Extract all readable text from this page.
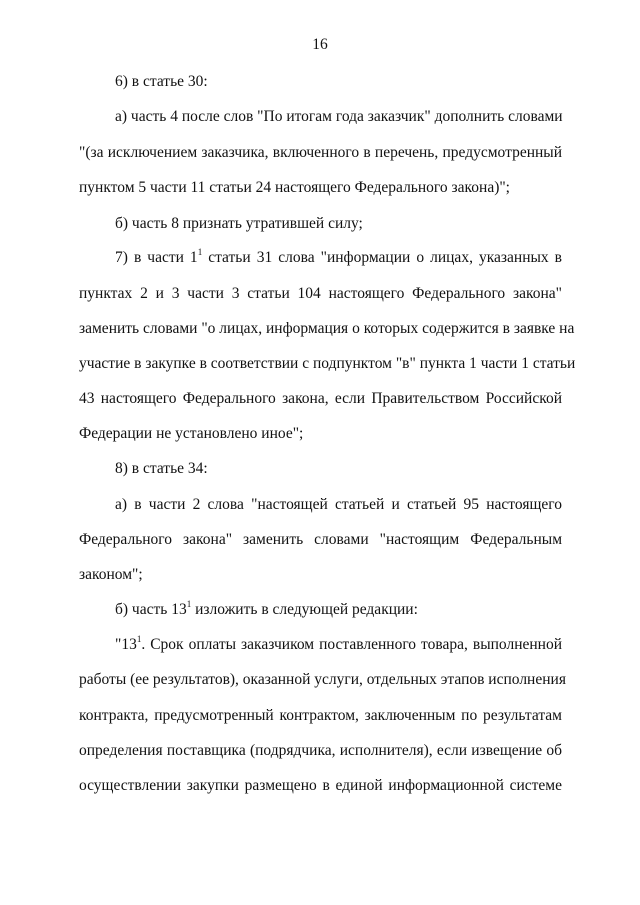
16
6) в статье 30:
а) часть 4 после слов "По итогам года заказчик" дополнить словами
"(за исключением заказчика, включенного в перечень, предусмотренный
пунктом 5 части 11 статьи 24 настоящего Федерального закона)";
б) часть 8 признать утратившей силу;
7) в части $1^1$ статьи 31 слова "информации о лицах, указанных в
пунктах 2 и 3 части 3 статьи 104 настоящего Федерального закона"
заменить словами "о лицах, информация о которых содержится в заявке на
участие в закупке в соответствии с подпунктом "в" пункта 1 части 1 статьи
43 настоящего Федерального закона, если Правительством Российской
Федерации не установлено иное";
8) в статье 34:
а) в части 2 слова "настоящей статьей и статьей 95 настоящего
Федерального закона" заменить словами "настоящим Федеральным
законом";
б) часть $13^1$ изложить в следующей редакции:
"$13^1$. Срок оплаты заказчиком поставленного товара, выполненной
работы (ее результатов), оказанной услуги, отдельных этапов исполнения
контракта, предусмотренный контрактом, заключенным по результатам
определения поставщика (подрядчика, исполнителя), если извещение об
осуществлении закупки размещено в единой информационной системе
